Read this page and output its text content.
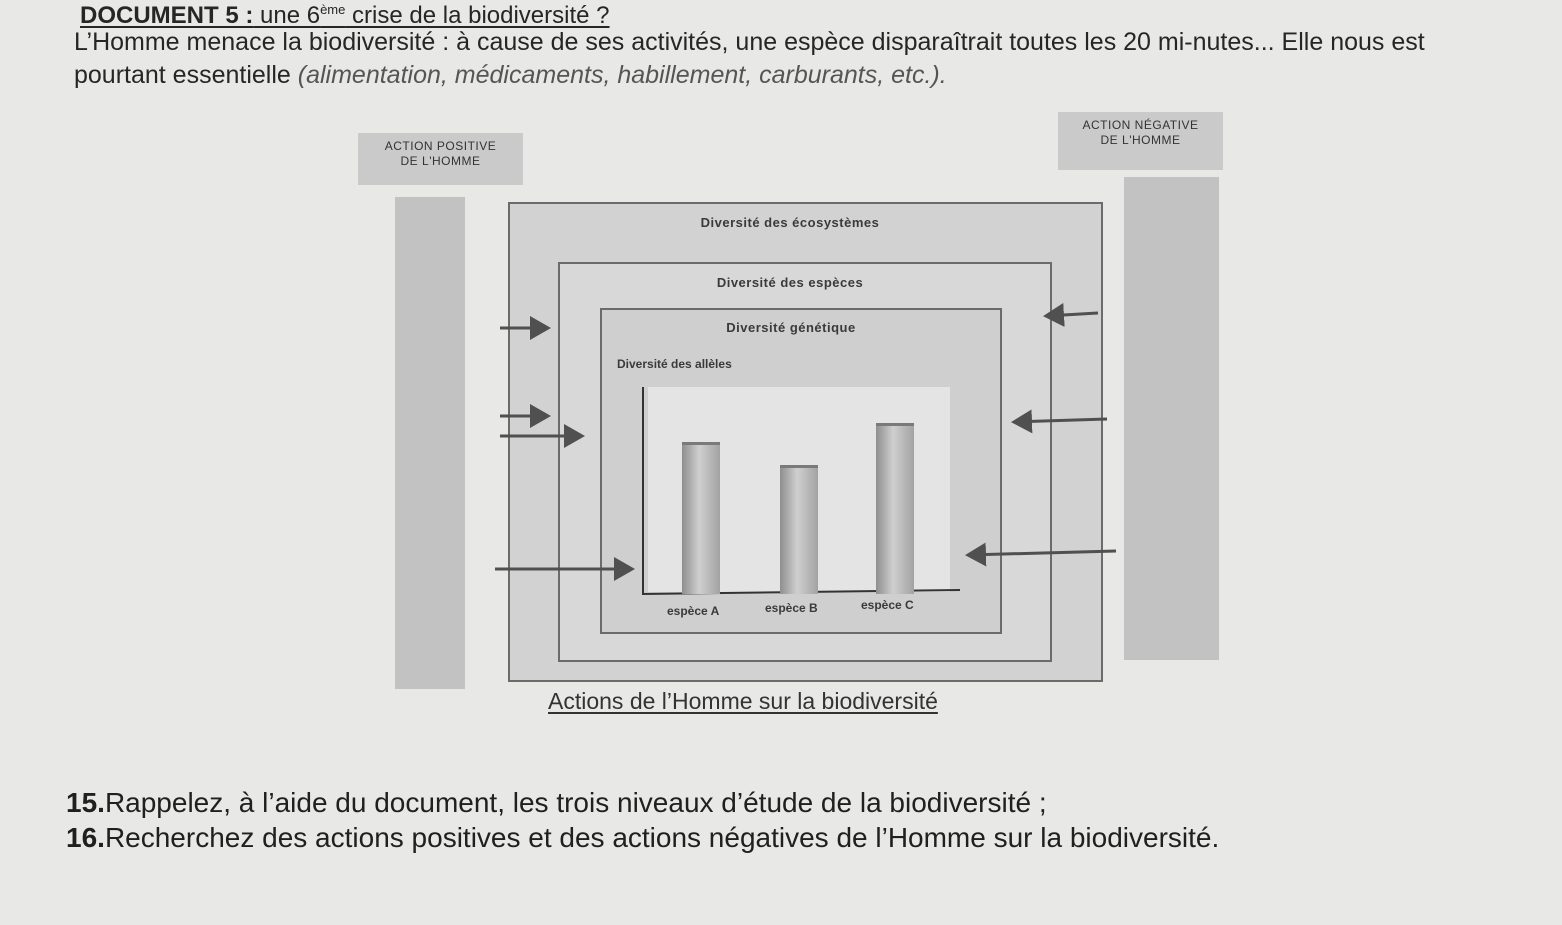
DOCUMENT 5 : une 6ème crise de la biodiversité ?
L’Homme menace la biodiversité : à cause de ses activités, une espèce disparaîtrait toutes les 20 mi-nutes... Elle nous est pourtant essentielle (alimentation, médicaments, habillement, carburants, etc.).
ACTION POSITIVE
DE L'HOMME
ACTION NÉGATIVE
DE L'HOMME
Diversité des écosystèmes
Diversité des espèces
Diversité génétique
Diversité des allèles
espèce A	espèce B	espèce C
Actions de l’Homme sur la biodiversité
15.Rappelez, à l’aide du document, les trois niveaux d’étude de la biodiversité ;
16.Recherchez des actions positives et des actions négatives de l’Homme sur la biodiversité.
